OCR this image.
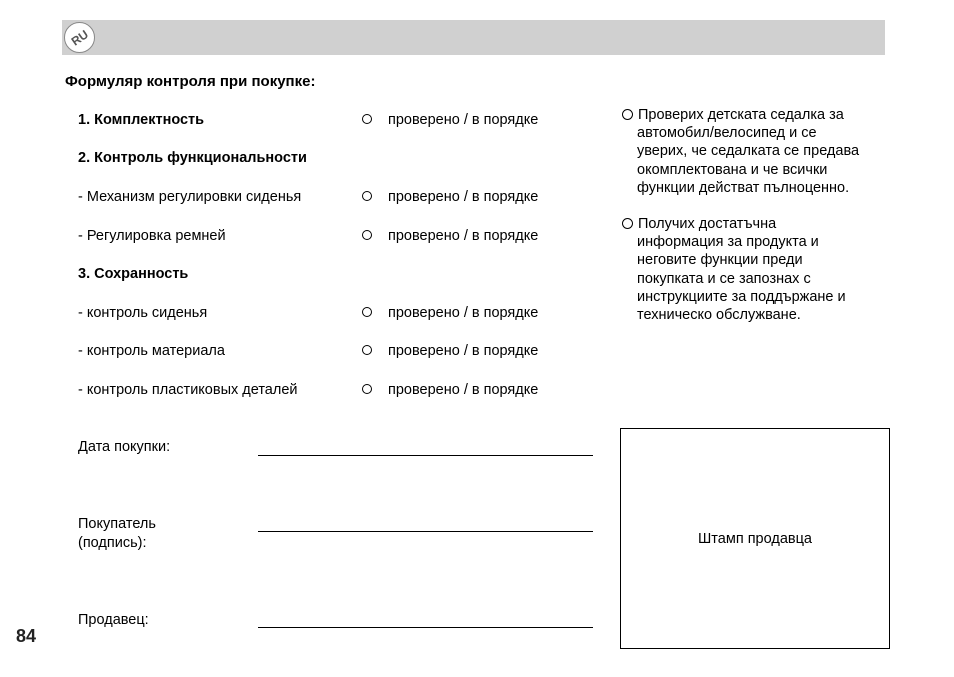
RU
Формуляр контроля при покупке:
1. Комплектность	проверено / в порядке
2. Контроль функциональности
- Механизм регулировки сиденья	проверено / в порядке
- Регулировка ремней	проверено / в порядке
3. Сохранность
- контроль сиденья	проверено / в порядке
- контроль материала	проверено / в порядке
- контроль пластиковых деталей	проверено / в порядке
Проверих детската седалка за
автомобил/велосипед и се
уверих, че седалката се предава
окомплектована и че всички
функции действат пълноценно.
Получих достатъчна
информация за продукта и
неговите функции преди
покупката и се запознах с
инструкциите за поддържане и
техническо обслужване.
Дата покупки:
Покупатель
(подпись):
Продавец:
Штамп продавца
84
